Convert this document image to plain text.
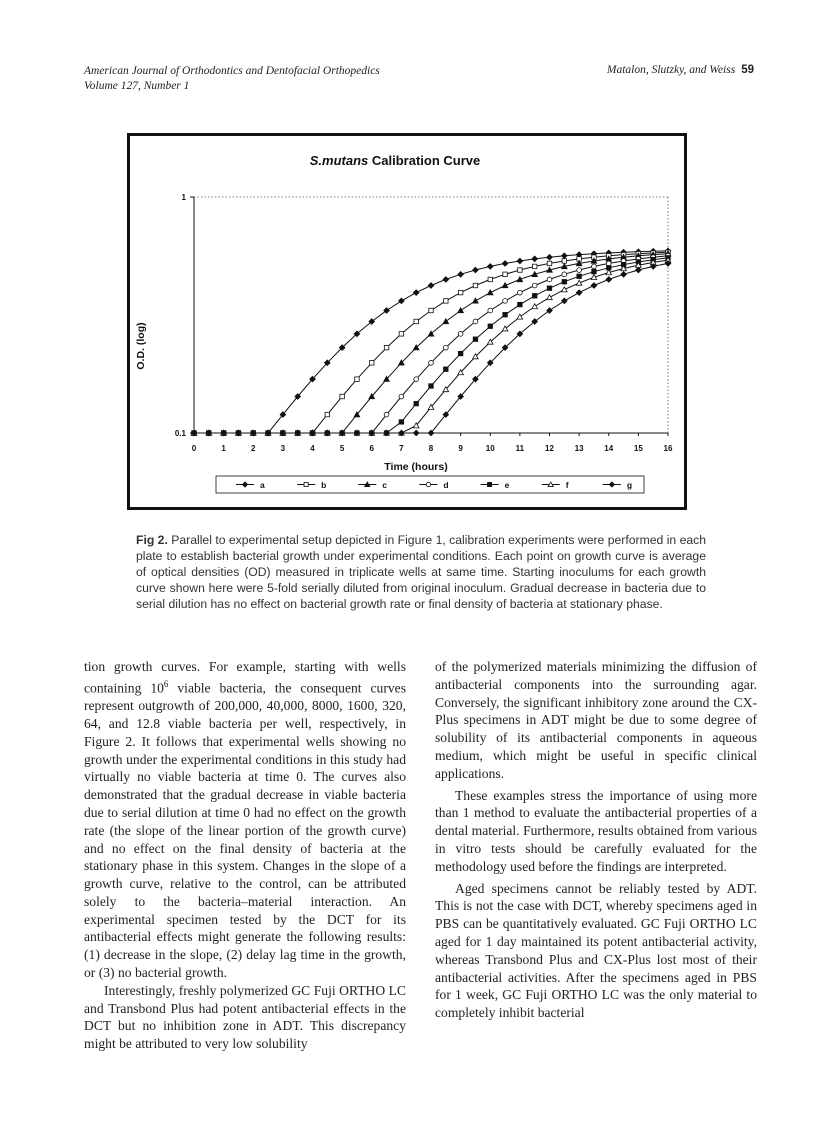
American Journal of Orthodontics and Dentofacial Orthopedics
Volume 127, Number 1
Matalon, Slutzky, and Weiss 59
S.mutans Calibration Curve
O.D. (log)
Time (hours)
0.1
1
0	1	2	3	4	5	6	7	8	9	10	11	12	13	14	15	16
a	b	c	d	e	f	g
Fig 2. Parallel to experimental setup depicted in Figure 1, calibration experiments were performed in each plate to establish bacterial growth under experimental conditions. Each point on growth curve is average of optical densities (OD) measured in triplicate wells at same time. Starting inoculums for each growth curve shown here were 5-fold serially diluted from original inoculum. Gradual decrease in bacteria due to serial dilution has no effect on bacterial growth rate or final density of bacteria at stationary phase.

tion growth curves. For example, starting with wells containing $10^6$ viable bacteria, the consequent curves represent outgrowth of 200,000, 40,000, 8000, 1600, 320, 64, and 12.8 viable bacteria per well, respectively, in Figure 2. It follows that experimental wells showing no growth under the experimental conditions in this study had virtually no viable bacteria at time 0. The curves also demonstrated that the gradual decrease in viable bacteria due to serial dilution at time 0 had no effect on the growth rate (the slope of the linear portion of the growth curve) and no effect on the final density of bacteria at the stationary phase in this system. Changes in the slope of a growth curve, relative to the control, can be attributed solely to the bacteria–material interaction. An experimental specimen tested by the DCT for its antibacterial effects might generate the following results: (1) decrease in the slope, (2) delay lag time in the growth, or (3) no bacterial growth.

Interestingly, freshly polymerized GC Fuji ORTHO LC and Transbond Plus had potent antibacterial effects in the DCT but no inhibition zone in ADT. This discrepancy might be attributed to very low solubility

of the polymerized materials minimizing the diffusion of antibacterial components into the surrounding agar. Conversely, the significant inhibitory zone around the CX-Plus specimens in ADT might be due to some degree of solubility of its antibacterial components in aqueous medium, which might be useful in specific clinical applications.

These examples stress the importance of using more than 1 method to evaluate the antibacterial properties of a dental material. Furthermore, results obtained from various in vitro tests should be carefully evaluated for the methodology used before the findings are interpreted.

Aged specimens cannot be reliably tested by ADT. This is not the case with DCT, whereby specimens aged in PBS can be quantitatively evaluated. GC Fuji ORTHO LC aged for 1 day maintained its potent antibacterial activity, whereas Transbond Plus and CX-Plus lost most of their antibacterial activities. After the specimens aged in PBS for 1 week, GC Fuji ORTHO LC was the only material to completely inhibit bacterial
